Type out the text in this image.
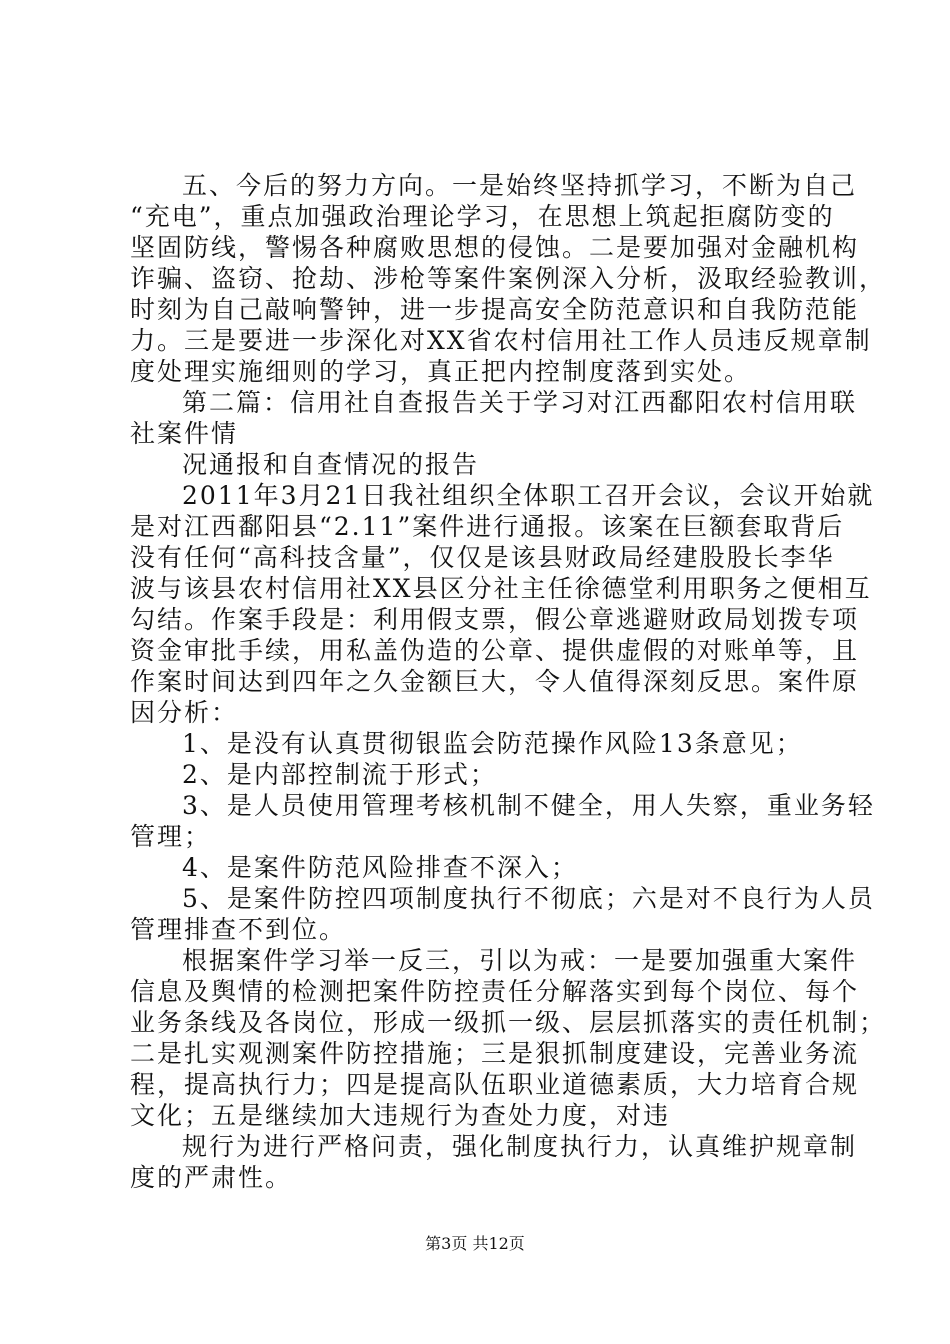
五、今后的努力方向。一是始终坚持抓学习，不断为自己
“充电”，重点加强政治理论学习，在思想上筑起拒腐防变的
坚固防线，警惕各种腐败思想的侵蚀。二是要加强对金融机构
诈骗、盗窃、抢劫、涉枪等案件案例深入分析，汲取经验教训，
时刻为自己敲响警钟，进一步提高安全防范意识和自我防范能
力。三是要进一步深化对XX省农村信用社工作人员违反规章制
度处理实施细则的学习，真正把内控制度落到实处。
第二篇：信用社自查报告关于学习对江西鄱阳农村信用联
社案件情
况通报和自查情况的报告
2011年3月21日我社组织全体职工召开会议，会议开始就
是对江西鄱阳县“2.11”案件进行通报。该案在巨额套取背后
没有任何“高科技含量”，仅仅是该县财政局经建股股长李华
波与该县农村信用社XX县区分社主任徐德堂利用职务之便相互
勾结。作案手段是：利用假支票，假公章逃避财政局划拨专项
资金审批手续，用私盖伪造的公章、提供虚假的对账单等，且
作案时间达到四年之久金额巨大，令人值得深刻反思。案件原
因分析：
1、是没有认真贯彻银监会防范操作风险13条意见；
2、是内部控制流于形式；
3、是人员使用管理考核机制不健全，用人失察，重业务轻
管理；
4、是案件防范风险排查不深入；
5、是案件防控四项制度执行不彻底；六是对不良行为人员
管理排查不到位。
根据案件学习举一反三，引以为戒：一是要加强重大案件
信息及舆情的检测把案件防控责任分解落实到每个岗位、每个
业务条线及各岗位，形成一级抓一级、层层抓落实的责任机制；
二是扎实观测案件防控措施；三是狠抓制度建设，完善业务流
程，提高执行力；四是提高队伍职业道德素质，大力培育合规
文化；五是继续加大违规行为查处力度，对违
规行为进行严格问责，强化制度执行力，认真维护规章制
度的严肃性。
第3页 共12页
